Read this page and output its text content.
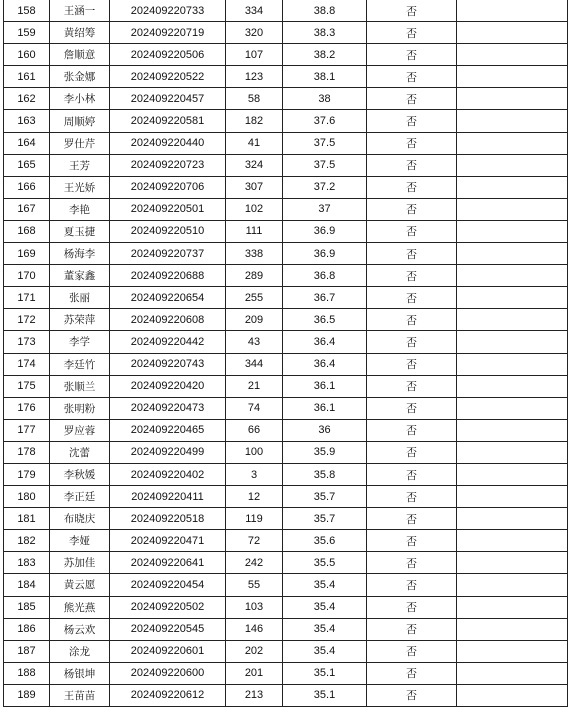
158	王涵一	202409220733	334	38.8	否	
159	黄绍筹	202409220719	320	38.3	否	
160	詹顺意	202409220506	107	38.2	否	
161	张金娜	202409220522	123	38.1	否	
162	李小林	202409220457	58	38	否	
163	周顺婷	202409220581	182	37.6	否	
164	罗仕芹	202409220440	41	37.5	否	
165	王芳	202409220723	324	37.5	否	
166	王光娇	202409220706	307	37.2	否	
167	李艳	202409220501	102	37	否	
168	夏玉捷	202409220510	111	36.9	否	
169	杨海李	202409220737	338	36.9	否	
170	董家鑫	202409220688	289	36.8	否	
171	张丽	202409220654	255	36.7	否	
172	苏荣萍	202409220608	209	36.5	否	
173	李学	202409220442	43	36.4	否	
174	李廷竹	202409220743	344	36.4	否	
175	张顺兰	202409220420	21	36.1	否	
176	张明粉	202409220473	74	36.1	否	
177	罗应蓉	202409220465	66	36	否	
178	沈蕾	202409220499	100	35.9	否	
179	李秋媛	202409220402	3	35.8	否	
180	李正廷	202409220411	12	35.7	否	
181	布晓庆	202409220518	119	35.7	否	
182	李娅	202409220471	72	35.6	否	
183	苏加佳	202409220641	242	35.5	否	
184	黄云愿	202409220454	55	35.4	否	
185	熊光燕	202409220502	103	35.4	否	
186	杨云欢	202409220545	146	35.4	否	
187	涂龙	202409220601	202	35.4	否	
188	杨银坤	202409220600	201	35.1	否	
189	王苗苗	202409220612	213	35.1	否	
